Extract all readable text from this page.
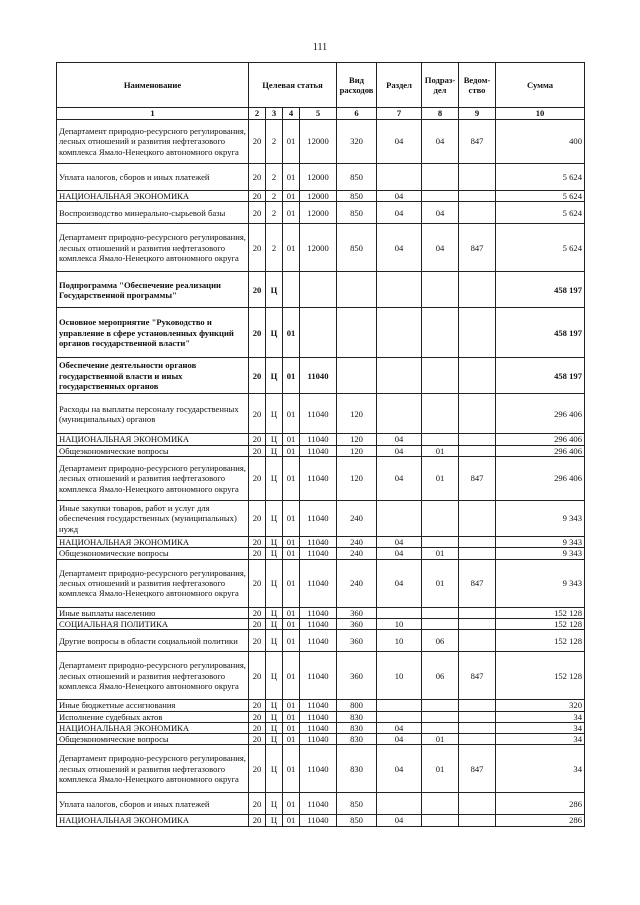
111
Наименование	Целевая статья				Вид расходов	Раздел	Подраз-дел	Ведом-ство	Сумма
1	2	3	4	5	6	7	8	9	10
Департамент природно-ресурсного регулирования, лесных отношений и развития нефтегазового комплекса Ямало-Ненецкого автономного округа	20	2	01	12000	320	04	04	847	400
Уплата налогов, сборов и иных платежей	20	2	01	12000	850				5 624
НАЦИОНАЛЬНАЯ ЭКОНОМИКА	20	2	01	12000	850	04			5 624
Воспроизводство минерально-сырьевой базы	20	2	01	12000	850	04	04		5 624
Департамент природно-ресурсного регулирования, лесных отношений и развития нефтегазового комплекса Ямало-Ненецкого автономного округа	20	2	01	12000	850	04	04	847	5 624
Подпрограмма "Обеспечение реализации Государственной программы"	20	Ц							458 197
Основное мероприятие "Руководство и управление в сфере установленных функций органов государственной власти"	20	Ц	01						458 197
Обеспечение деятельности органов государственной власти и иных государственных органов	20	Ц	01	11040					458 197
Расходы на выплаты персоналу государственных (муниципальных) органов	20	Ц	01	11040	120				296 406
НАЦИОНАЛЬНАЯ ЭКОНОМИКА	20	Ц	01	11040	120	04			296 406
Общеэкономические вопросы	20	Ц	01	11040	120	04	01		296 406
Департамент природно-ресурсного регулирования, лесных отношений и развития нефтегазового комплекса Ямало-Ненецкого автономного округа	20	Ц	01	11040	120	04	01	847	296 406
Иные закупки товаров, работ и услуг для обеспечения государственных (муниципальных) нужд	20	Ц	01	11040	240				9 343
НАЦИОНАЛЬНАЯ ЭКОНОМИКА	20	Ц	01	11040	240	04			9 343
Общеэкономические вопросы	20	Ц	01	11040	240	04	01		9 343
Департамент природно-ресурсного регулирования, лесных отношений и развития нефтегазового комплекса Ямало-Ненецкого автономного округа	20	Ц	01	11040	240	04	01	847	9 343
Иные выплаты населению	20	Ц	01	11040	360				152 128
СОЦИАЛЬНАЯ ПОЛИТИКА	20	Ц	01	11040	360	10			152 128
Другие вопросы в области социальной политики	20	Ц	01	11040	360	10	06		152 128
Департамент природно-ресурсного регулирования, лесных отношений и развития нефтегазового комплекса Ямало-Ненецкого автономного округа	20	Ц	01	11040	360	10	06	847	152 128
Иные бюджетные ассигнования	20	Ц	01	11040	800				320
Исполнение судебных актов	20	Ц	01	11040	830				34
НАЦИОНАЛЬНАЯ ЭКОНОМИКА	20	Ц	01	11040	830	04			34
Общеэкономические вопросы	20	Ц	01	11040	830	04	01		34
Департамент природно-ресурсного регулирования, лесных отношений и развития нефтегазового комплекса Ямало-Ненецкого автономного округа	20	Ц	01	11040	830	04	01	847	34
Уплата налогов, сборов и иных платежей	20	Ц	01	11040	850				286
НАЦИОНАЛЬНАЯ ЭКОНОМИКА	20	Ц	01	11040	850	04			286
